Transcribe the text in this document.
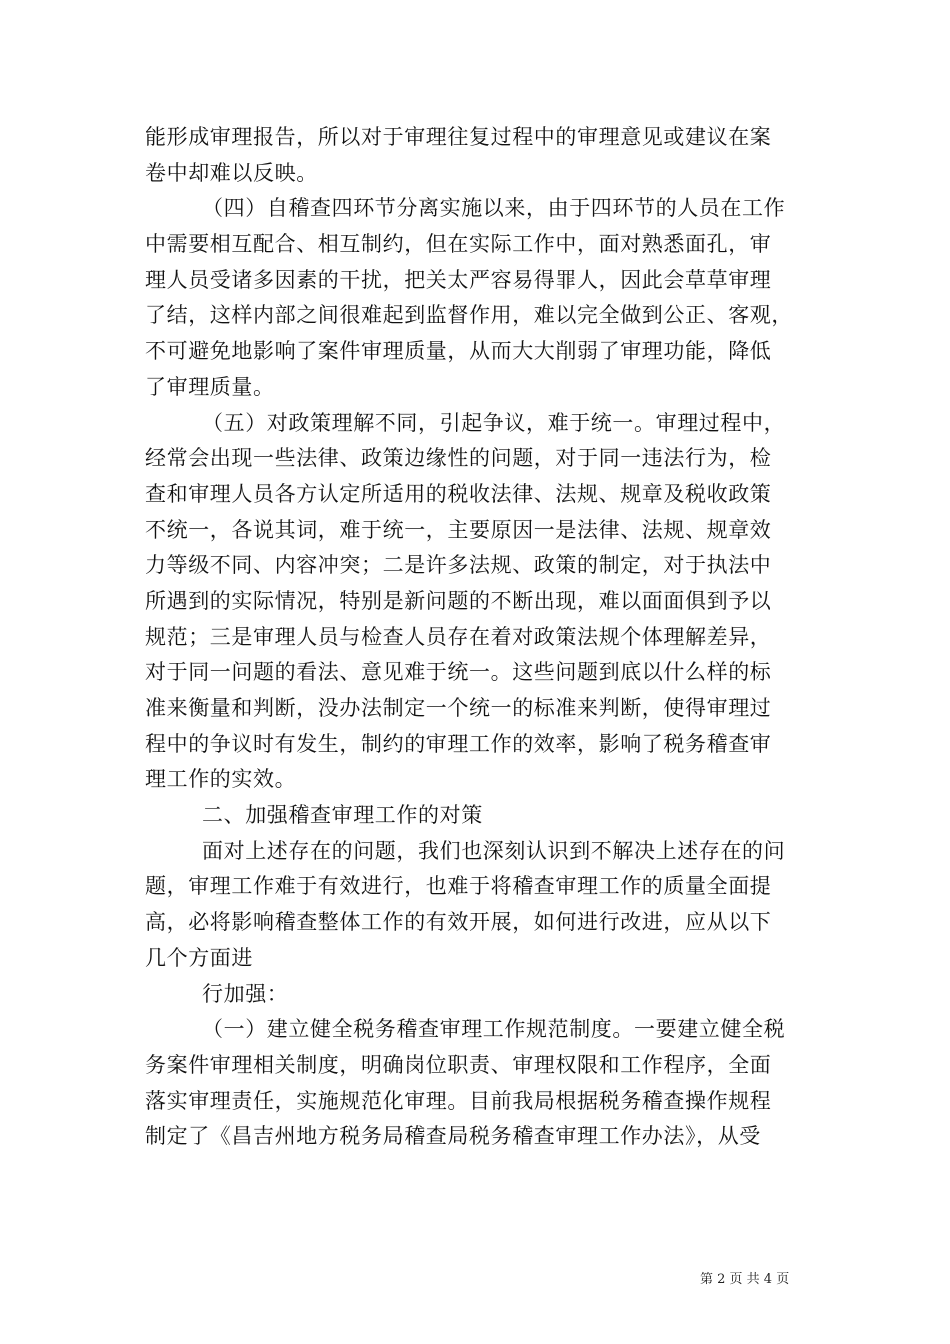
能形成审理报告，所以对于审理往复过程中的审理意见或建议在案
卷中却难以反映。
（四）自稽查四环节分离实施以来，由于四环节的人员在工作
中需要相互配合、相互制约，但在实际工作中，面对熟悉面孔，审
理人员受诸多因素的干扰，把关太严容易得罪人，因此会草草审理
了结，这样内部之间很难起到监督作用，难以完全做到公正、客观，
不可避免地影响了案件审理质量，从而大大削弱了审理功能，降低
了审理质量。
（五）对政策理解不同，引起争议，难于统一。审理过程中，
经常会出现一些法律、政策边缘性的问题，对于同一违法行为，检
查和审理人员各方认定所适用的税收法律、法规、规章及税收政策
不统一，各说其词，难于统一，主要原因一是法律、法规、规章效
力等级不同、内容冲突；二是许多法规、政策的制定，对于执法中
所遇到的实际情况，特别是新问题的不断出现，难以面面俱到予以
规范；三是审理人员与检查人员存在着对政策法规个体理解差异，
对于同一问题的看法、意见难于统一。这些问题到底以什么样的标
准来衡量和判断，没办法制定一个统一的标准来判断，使得审理过
程中的争议时有发生，制约的审理工作的效率，影响了税务稽查审
理工作的实效。
二、加强稽查审理工作的对策
面对上述存在的问题，我们也深刻认识到不解决上述存在的问
题，审理工作难于有效进行，也难于将稽查审理工作的质量全面提
高，必将影响稽查整体工作的有效开展，如何进行改进，应从以下
几个方面进
行加强：
（一）建立健全税务稽查审理工作规范制度。一要建立健全税
务案件审理相关制度，明确岗位职责、审理权限和工作程序，全面
落实审理责任，实施规范化审理。目前我局根据税务稽查操作规程
制定了《昌吉州地方税务局稽查局税务稽查审理工作办法》，从受
第 2 页 共 4 页
